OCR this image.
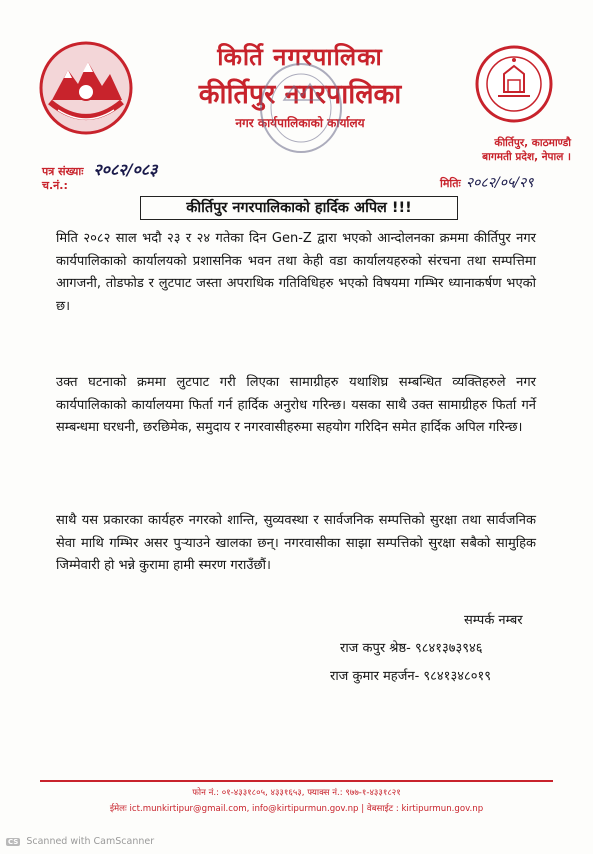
किर्ति नगरपालिका
कीर्तिपुर नगरपालिका
नगर कार्यपालिकाको कार्यालय
कीर्तिपुर, काठमाण्डौ
बागमती प्रदेश, नेपाल ।
पत्र संख्याः २०८२/०८३
च.नं.:	मितिः २०८२/०५/२९
कीर्तिपुर नगरपालिकाको हार्दिक अपिल !!!
मिति २०८२ साल भदौ २३ र २४ गतेका दिन Gen-Z द्वारा भएको आन्दोलनका क्रममा कीर्तिपुर नगर कार्यपालिकाको कार्यालयको प्रशासनिक भवन तथा केही वडा कार्यालयहरुको संरचना तथा सम्पत्तिमा आगजनी, तोडफोड र लुटपाट जस्ता अपराधिक गतिविधिहरु भएको विषयमा गम्भिर ध्यानाकर्षण भएको छ।
उक्त घटनाको क्रममा लुटपाट गरी लिएका सामाग्रीहरु यथाशिघ्र सम्बन्धित व्यक्तिहरुले नगर कार्यपालिकाको कार्यालयमा फिर्ता गर्न हार्दिक अनुरोध गरिन्छ। यसका साथै उक्त सामाग्रीहरु फिर्ता गर्ने सम्बन्धमा घरधनी, छरछिमेक, समुदाय र नगरवासीहरुमा सहयोग गरिदिन समेत हार्दिक अपिल गरिन्छ।
साथै यस प्रकारका कार्यहरु नगरको शान्ति, सुव्यवस्था र सार्वजनिक सम्पत्तिको सुरक्षा तथा सार्वजनिक सेवा माथि गम्भिर असर पुऱ्याउने खालका छन्। नगरवासीका साझा सम्पत्तिको सुरक्षा सबैको सामुहिक जिम्मेवारी हो भन्ने कुरामा हामी स्मरण गराउँछौं।
सम्पर्क नम्बर
राज कपुर श्रेष्ठ- ९८४१३७३९४६
राज कुमार महर्जन- ९८४१३४८०१९
फोन नं.: ०१-४३३१८०५, ४३३१६५३, फ्याक्स नं.: ९७७-१-४३३१८२१
ईमेलः ict.munkirtipur@gmail.com, info@kirtipurmun.gov.np | वेबसाईट : kirtipurmun.gov.np
CS Scanned with CamScanner
